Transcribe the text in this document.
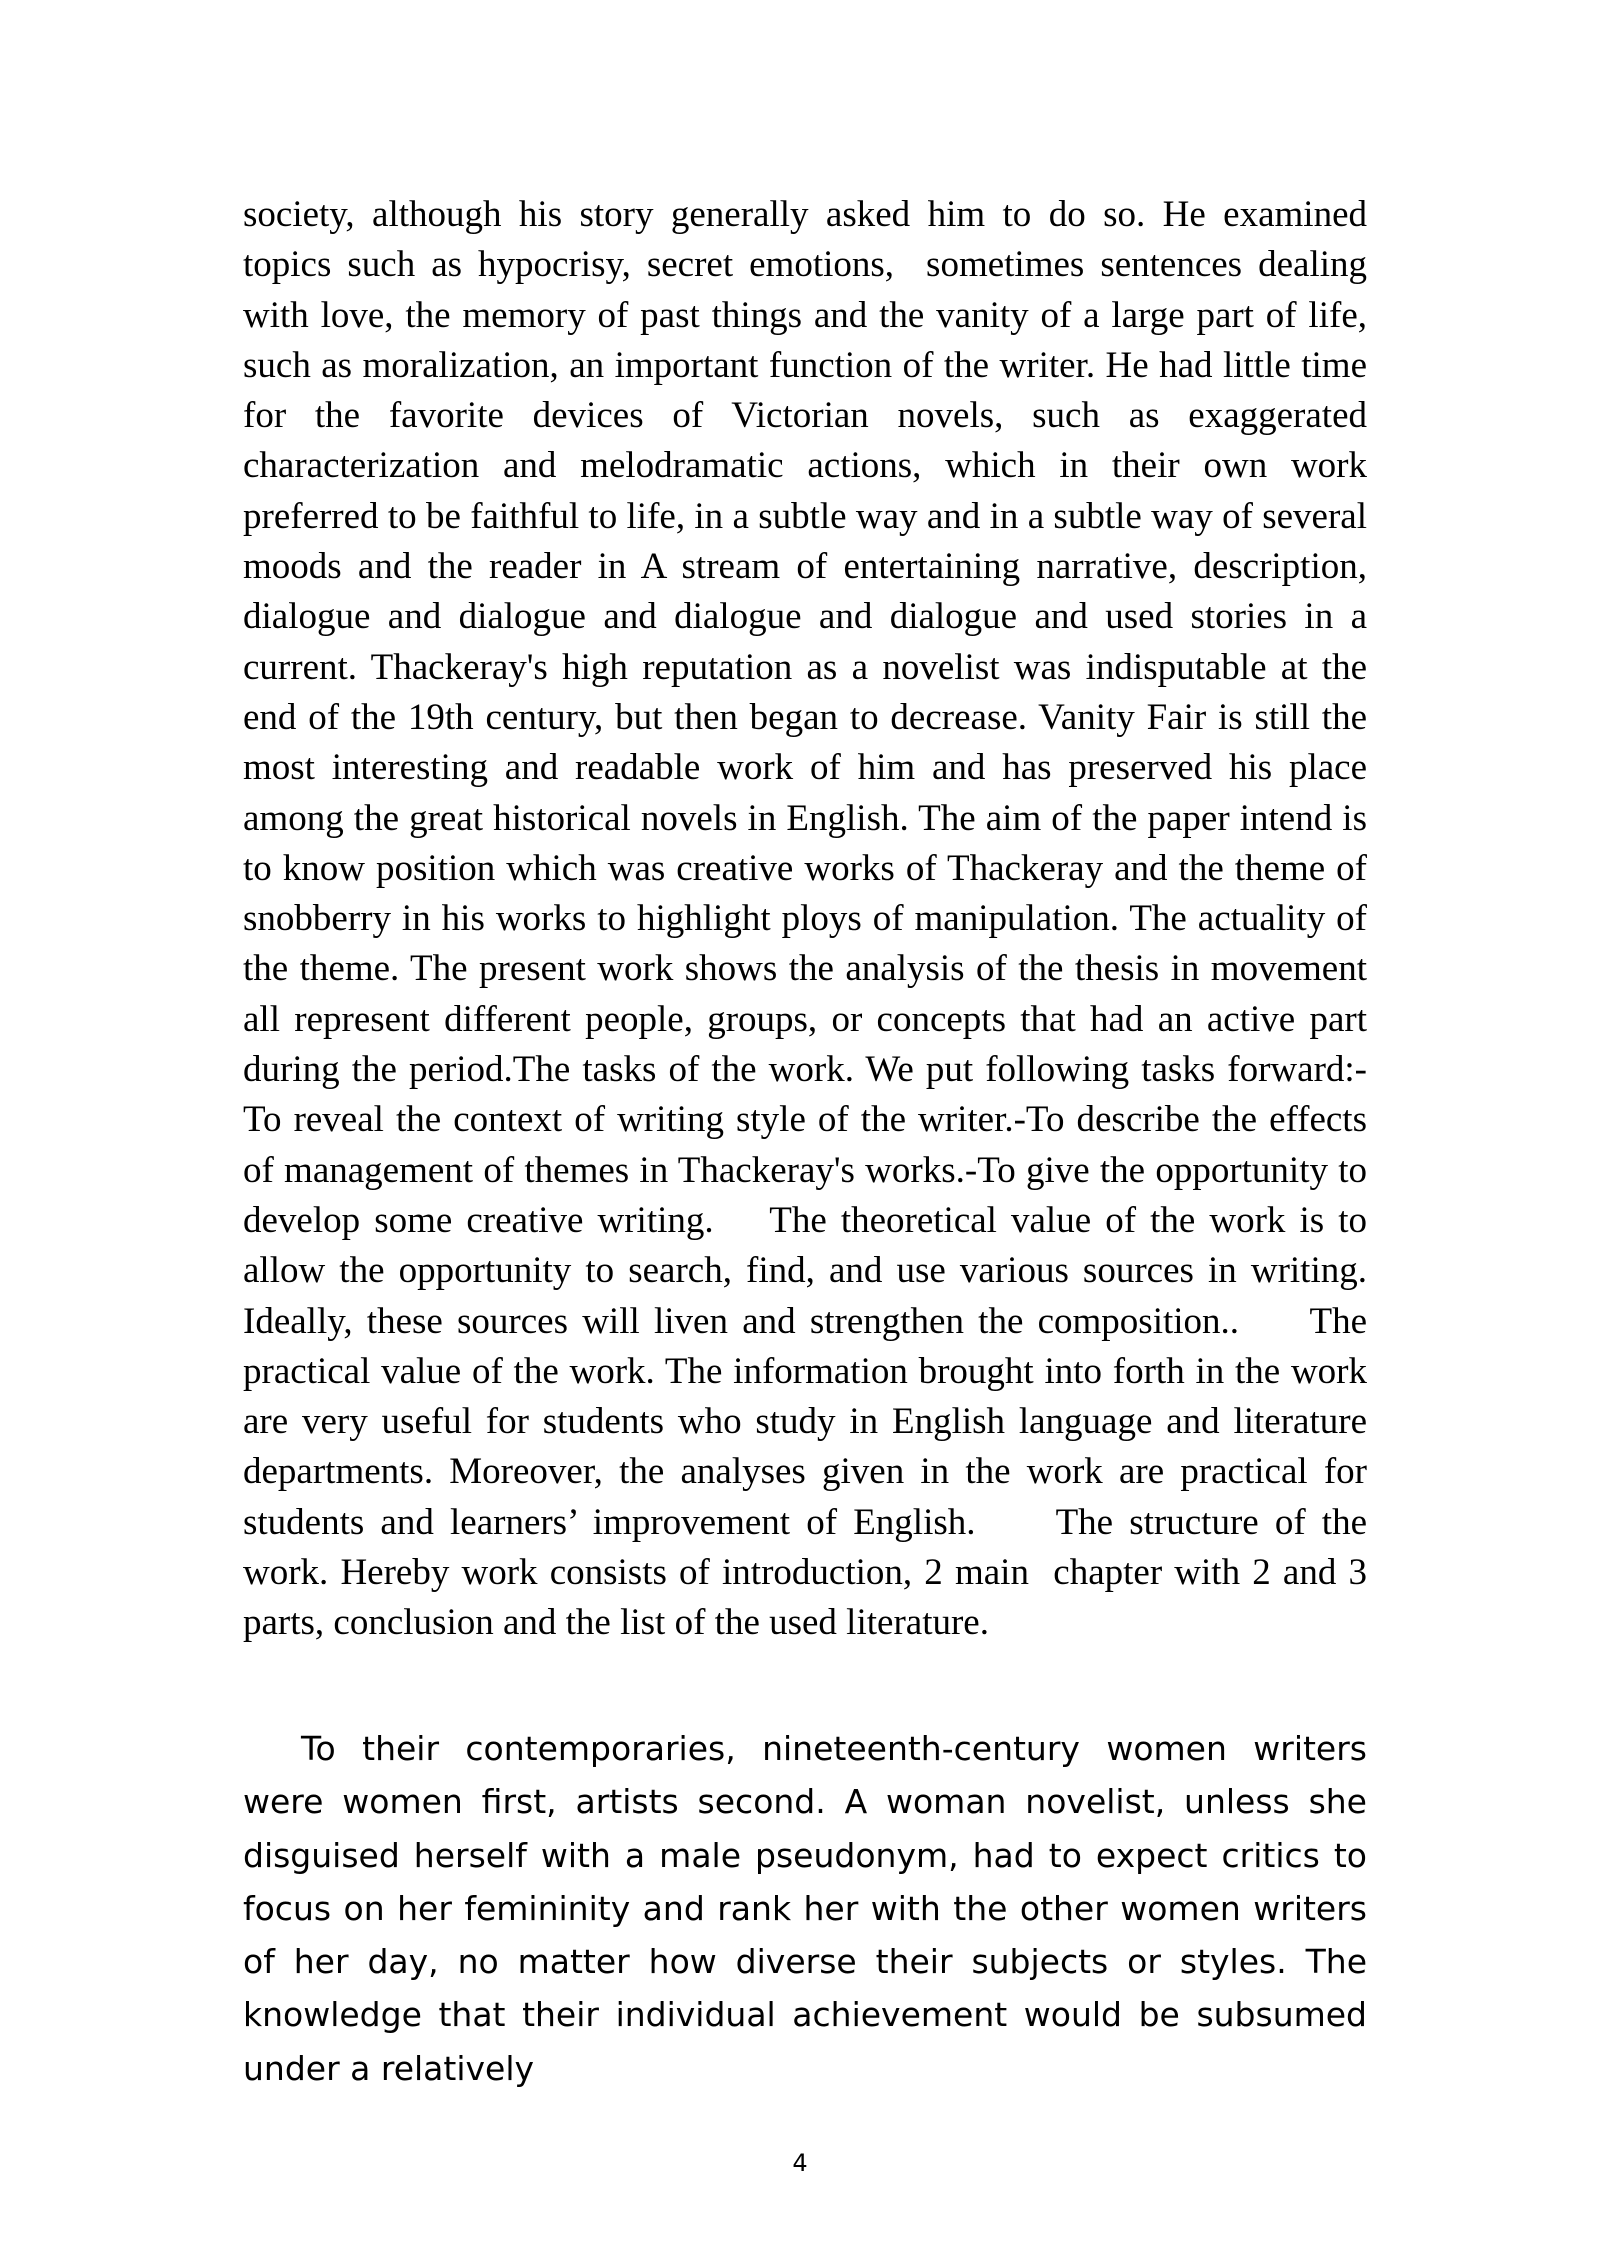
society, although his story generally asked him to do so. He examined topics such as hypocrisy, secret emotions,  sometimes sentences dealing with love, the memory of past things and the vanity of a large part of life, such as moralization, an important function of the writer. He had little time for the favorite devices of Victorian novels, such as exaggerated characterization and melodramatic actions, which in their own work preferred to be faithful to life, in a subtle way and in a subtle way of several moods and the reader in A stream of entertaining narrative, description, dialogue and dialogue and dialogue and dialogue and used stories in a current. Thackeray's high reputation as a novelist was indisputable at the end of the 19th century, but then began to decrease. Vanity Fair is still the most interesting and readable work of him and has preserved his place among the great historical novels in English. The aim of the paper intend is to know position which was creative works of Thackeray and the theme of snobberry in his works to highlight ploys of manipulation. The actuality of the theme. The present work shows the analysis of the thesis in movement all represent different people, groups, or concepts that had an active part during the period.The tasks of the work. We put following tasks forward:-To reveal the context of writing style of the writer.-To describe the effects of management of themes in Thackeray's works.-To give the opportunity to develop some creative writing.    The theoretical value of the work is to allow the opportunity to search, find, and use various sources in writing. Ideally, these sources will liven and strengthen the composition..     The practical value of the work. The information brought into forth in the work are very useful for students who study in English language and literature departments. Moreover, the analyses given in the work are practical for students and learners’ improvement of English.     The structure of the work. Hereby work consists of introduction, 2 main  chapter with 2 and 3 parts, conclusion and the list of the used literature.

To their contemporaries, nineteenth-century women writers were women first, artists second. A woman novelist, unless she disguised herself with a male pseudonym, had to expect critics to focus on her femininity and rank her with the other women writers of her day, no matter how diverse their subjects or styles. The knowledge that their individual achievement would be subsumed under a relatively

4
